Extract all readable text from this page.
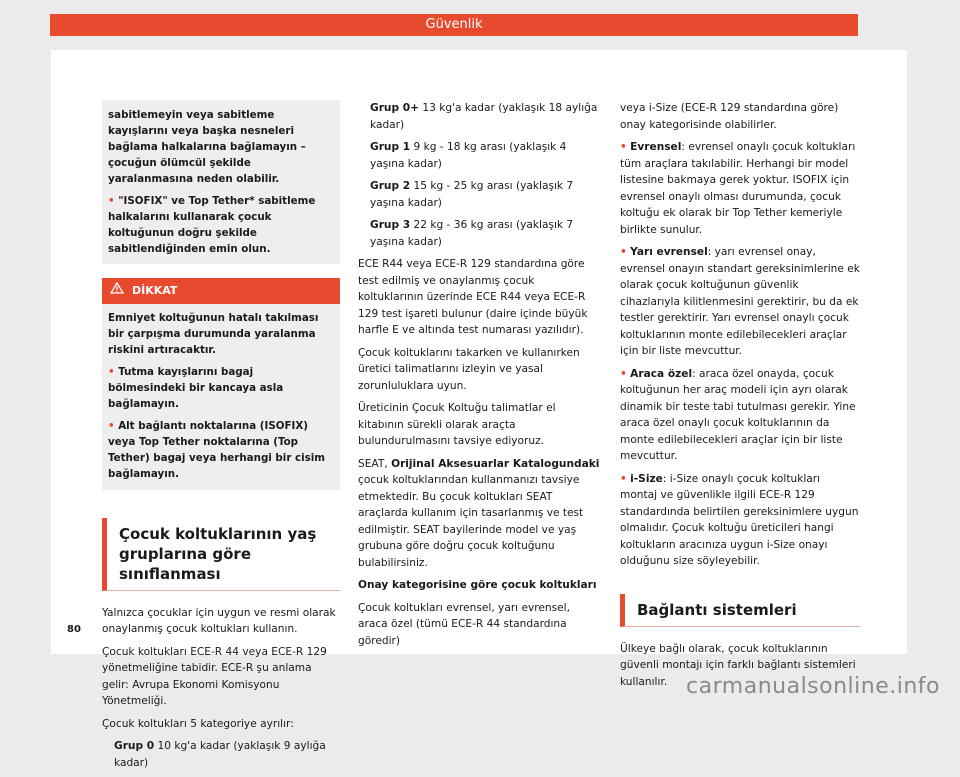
Güvenlik

sabitlemeyin veya sabitleme kayışlarını veya başka nesneleri bağlama halkalarına bağlamayın – çocuğun ölümcül şekilde yaralanmasına neden olabilir.

• "ISOFIX" ve Top Tether* sabitleme halkalarını kullanarak çocuk koltuğunun doğru şekilde sabitlendiğinden emin olun.

DİKKAT

Emniyet koltuğunun hatalı takılması bir çarpışma durumunda yaralanma riskini artıracaktır.

• Tutma kayışlarını bagaj bölmesindeki bir kancaya asla bağlamayın.

• Alt bağlantı noktalarına (ISOFIX) veya Top Tether noktalarına (Top Tether) bagaj veya herhangi bir cisim bağlamayın.

Çocuk koltuklarının yaş gruplarına göre sınıflanması

Yalnızca çocuklar için uygun ve resmi olarak onaylanmış çocuk koltukları kullanın.

Çocuk koltukları ECE-R 44 veya ECE-R 129 yönetmeliğine tabidir. ECE-R şu anlama gelir: Avrupa Ekonomi Komisyonu Yönetmeliği.

Çocuk koltukları 5 kategoriye ayrılır:

Grup 0 10 kg'a kadar (yaklaşık 9 aylığa kadar)

Grup 0+ 13 kg'a kadar (yaklaşık 18 aylığa kadar)

Grup 1 9 kg - 18 kg arası (yaklaşık 4 yaşına kadar)

Grup 2 15 kg - 25 kg arası (yaklaşık 7 yaşına kadar)

Grup 3 22 kg - 36 kg arası (yaklaşık 7 yaşına kadar)

ECE R44 veya ECE-R 129 standardına göre test edilmiş ve onaylanmış çocuk koltuklarının üzerinde ECE R44 veya ECE-R 129 test işareti bulunur (daire içinde büyük harfle E ve altında test numarası yazılıdır).

Çocuk koltuklarını takarken ve kullanırken üretici talimatlarını izleyin ve yasal zorunluluklara uyun.

Üreticinin Çocuk Koltuğu talimatlar el kitabının sürekli olarak araçta bulundurulmasını tavsiye ediyoruz.

SEAT, Orijinal Aksesuarlar Katalogundaki çocuk koltuklarından kullanmanızı tavsiye etmektedir. Bu çocuk koltukları SEAT araçlarda kullanım için tasarlanmış ve test edilmiştir. SEAT bayilerinde model ve yaş grubuna göre doğru çocuk koltuğunu bulabilirsiniz.

Onay kategorisine göre çocuk koltukları

Çocuk koltukları evrensel, yarı evrensel, araca özel (tümü ECE-R 44 standardına göredir)

veya i-Size (ECE-R 129 standardına göre) onay kategorisinde olabilirler.

• Evrensel: evrensel onaylı çocuk koltukları tüm araçlara takılabilir. Herhangi bir model listesine bakmaya gerek yoktur. ISOFIX için evrensel onaylı olması durumunda, çocuk koltuğu ek olarak bir Top Tether kemeriyle birlikte sunulur.

• Yarı evrensel: yarı evrensel onay, evrensel onayın standart gereksinimlerine ek olarak çocuk koltuğunun güvenlik cihazlarıyla kilitlenmesini gerektirir, bu da ek testler gerektirir. Yarı evrensel onaylı çocuk koltuklarının monte edilebilecekleri araçlar için bir liste mevcuttur.

• Araca özel: araca özel onayda, çocuk koltuğunun her araç modeli için ayrı olarak dinamik bir teste tabi tutulması gerekir. Yine araca özel onaylı çocuk koltuklarının da monte edilebilecekleri araçlar için bir liste mevcuttur.

• i-Size: i-Size onaylı çocuk koltukları montaj ve güvenlikle ilgili ECE-R 129 standardında belirtilen gereksinimlere uygun olmalıdır. Çocuk koltuğu üreticileri hangi koltukların aracınıza uygun i-Size onayı olduğunu size söyleyebilir.

Bağlantı sistemleri

Ülkeye bağlı olarak, çocuk koltuklarının güvenli montajı için farklı bağlantı sistemleri kullanılır.

80
carmanualsonline.info
